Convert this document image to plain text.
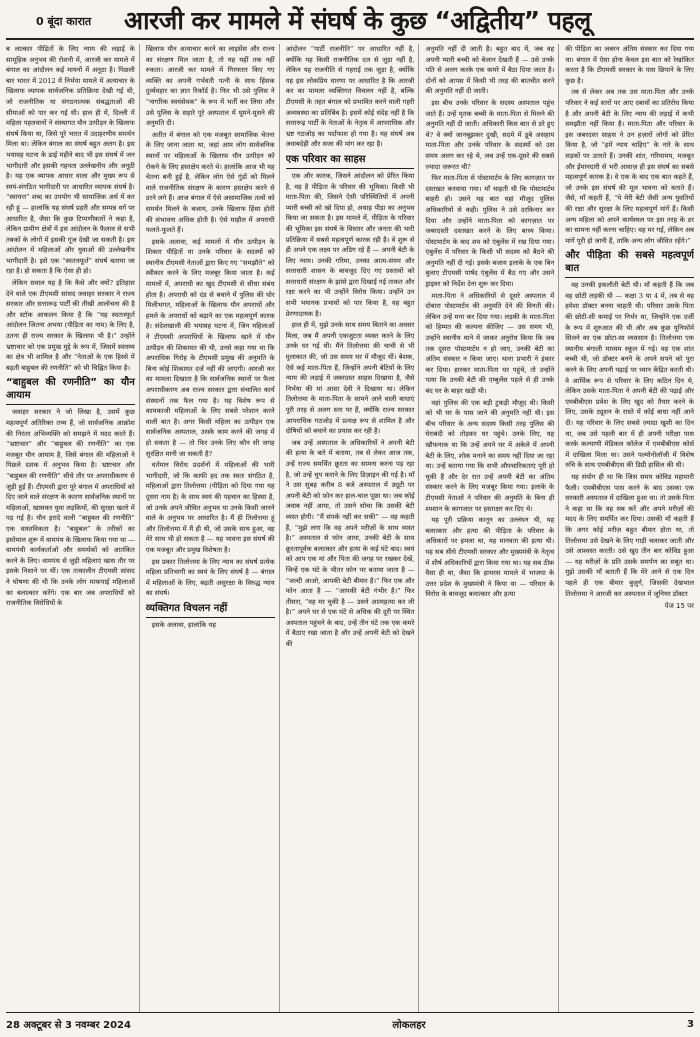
0 बूंदा कारात	आरजी कर मामले में संघर्ष के कुछ “अद्वितीय” पहलू

ब लात्कार पीड़ितों के लिए न्याय की लड़ाई के सामूहिक अनुभव की रोशनी में, आरजी कर मामले में बंगाल का आंदोलन कई मायनों में अनूठा है। पिछली बार भारत में 2012 में निर्भया मामले में अत्याचार के खिलाफ व्यापक सार्वजनिक प्रतिक्रिया देखी गई थी, जो राजनीतिक या संगठनात्मक संबद्धताओं की सीमाओं को पार कर गई थी। हाल ही में, दिल्ली में महिला पहलवानों ने संस्थागत यौन उत्पीड़न के खिलाफ संघर्ष किया था, जिसे पूरे भारत में उदाहरणीय समर्थन मिला था। लेकिन बंगाल का संघर्ष बहुत अलग है। इस भयावह घटना के ढाई महीने बाद भी इस संघर्ष में जन भागीदारी और इसकी गहनता उल्लेखनीय और अनूठी है। यह एक व्यापक आधार वाला और मुख्य रूप से स्वयं-संगठित भागीदारी पर आधारित व्यापक संघर्ष है। “स्वायत्त” शब्द का उपयोग भी सामाजिक अर्थ में कर रही हूं — हालांकि यह संघर्ष प्रहरी और सम्पन्न वर्ग पर आधारित है, जैसा कि कुछ टिप्पणीकारों ने कहा है, लेकिन ग्रामीण क्षेत्रों में इस आंदोलन के फैलाव से सभी तबकों के लोगों में इसकी गूंज देखी जा सकती है। इस आंदोलन में महिलाओं और युवाओं की उल्लेखनीय भागीदारी है। इसे एक “स्वतःस्फूर्त” संघर्ष बताया जा रहा है। हो सकता है कि ऐसा ही हो।

लेकिन सवाल यह है कि कैसे और क्यों? इतिहास देने वाले एक टीएमसी सांसद जवाहर सरकार ने राज्य सरकार और सत्तारूढ़ पार्टी की तीखी आलोचना की है और स्टॉक आकलन किया है कि “यह स्वतःस्फूर्त आंदोलन जितना अभया (पीड़िता का नाम) के लिए है, उतना ही राज्य सरकार के खिलाफ भी है।” उन्होंने भ्रष्टाचार को एक प्रमुख मुद्दे के रूप में, जिसमें स्वास्थ्य का क्षेत्र भी शामिल है और “नेताओं के एक हिस्से में बढ़ती बाहुबल की रणनीति” को भी चिह्नित किया है।

“बाहुबल की रणनीति” का यौन आयाम

जवाहर सरकार ने जो लिखा है, उसमें कुछ महत्वपूर्ण अतिरिक्त तथ्य हैं, जो सार्वजनिक आक्रोश की निरंतर अभिव्यक्ति को समझने में मदद करते हैं। “भ्रष्टाचार” और “बाहुबल की रणनीति” का एक मजबूत यौन आयाम है, जिसे बंगाल की महिलाओं ने पिछले दशक में अनुभव किया है। भ्रष्टाचार और “बाहुबल की रणनीति” सीधे तौर पर अपराधीकरण से जुड़ी हुई हैं। टीएमसी द्वारा पूरे बंगाल में अपराधियों को दिए जाने वाले संरक्षण के कारण सार्वजनिक स्थानों पर महिलाओं, खासकर युवा लड़कियों, की सुरक्षा खतरे में पड़ गई है। यौन इरादे वाली “बाहुबल की रणनीति” एक वास्तविकता है। “बाहुबल” के तरीकों का इस्तेमाल शुरू में वामपंथ के खिलाफ किया गया था — वामपंथी कार्यकर्ताओं और समर्थकों को आतंकित करने के लिए। वामपंथ से जुड़ी महिलाएं खास तौर पर इसके निशाने पर थीं। एक तत्कालीन टीएमसी सांसद ने घोषणा की थी कि उनके लोग माकपाई महिलाओं का बलात्कार करेंगे। एक बार जब अपराधियों को राजनीतिक विरोधियों के

खिलाफ यौन अत्याचार करने का लाइसेंस और राज्य का संरक्षण मिल जाता है, तो यह यहीं तक नहीं रुकता। आरजी कर मामले में गिरफ्तार किए गए व्यक्ति का अपनी गर्भवती पत्नी के साथ हिंसक दुर्व्यवहार का ज्ञात रिकॉर्ड है। फिर भी उसे पुलिस ने “नागरिक स्वयंसेवक” के रूप में भर्ती कर लिया और उसे पुलिस के सहारे पूरे अस्पताल में घूमने-घुसने की अनुमति दी।

अतीत में बंगाल को एक मजबूत सामाजिक चेतना के लिए जाना जाता था, जहां आम लोग सार्वजनिक स्थानों पर महिलाओं के खिलाफ यौन उत्पीड़न को रोकने के लिए हस्तक्षेप करते थे। हालांकि आज भी यह चेतना बनी हुई है, लेकिन लोग ऐसे गुंडों को मिलने वाले राजनीतिक संरक्षण के कारण हस्तक्षेप करने से डरने लगे हैं। आज बंगाल में ऐसे असामाजिक तत्वों को समर्थन मिलने के बजाय, उनके खिलाफ हिंसा होती की संभावना अधिक होती है। ऐसे माहौल में अपराधी फलते-फूलते हैं।

इसके अलावा, कई मामलों में यौन उत्पीड़न के शिकार पीड़ितों या उनके परिवार के सदस्यों को स्थानीय टीएमसी नेताओं द्वारा किए गए “समझौते” को स्वीकार करने के लिए मजबूर किया जाता है। कई मामलों में, अपराधी का खुद टीएमसी से सीधा संबंध होता है। अपराधी को दंड से बचाने में पुलिस की घोर मिलीभगत, महिलाओं के खिलाफ यौन अपराधों और हमले के अपराधों को बढ़ाने का एक महत्वपूर्ण कारक है। संदेशखाली की भयावह घटना में, जिन महिलाओं ने टीएमसी अपराधियों के खिलाफ खाने में यौन उत्पीड़न की शिकायत की थी, उनसे कहा गया था कि अपराधिक गिरोह के टीएमसी प्रमुख की अनुमति के बिना कोई शिकायत दर्ज नहीं की जाएगी। आरजी कर का मामला दिखाता है कि सार्वजनिक स्थानों पर फैला अपराधीकरण अब राज्य सरकार द्वारा संचालित कार्य संस्थानों तक फैल गया है। यह विशेष रूप से कामकाजी महिलाओं के लिए सबसे परेशान करने वाली बात है। अगर किसी महिला का उत्पीड़न एक सार्वजनिक अस्पताल, उसके काम करने की जगह में हो सकता है — तो फिर उनके लिए कौन सी जगह सुरक्षित मानी जा सकती है?

वर्तमान विरोध प्रदर्शनों में महिलाओं की भारी भागीदारी, जो कि काफी हद तक स्वतः संगठित है, महिलाओं द्वारा तिलोत्तमा (पीड़िता को दिया गया यह दूसरा नाम है) के साथ स्वयं की पहचान का हिस्सा है, जो उनके अपने जीवित अनुभव या उनके किसी जानने वाले के अनुभव पर आधारित है। मैं ही तिलोत्तमा हूं और तिलोत्तमा में मैं ही थी, जो उसके साथ हुआ, वह मेरे साथ भी हो सकता है — यह भावना इस संघर्ष की एक मजबूत और प्रमुख विशेषता है।

इस प्रकार तिलोत्तमा के लिए न्याय का संघर्ष प्रत्येक महिला प्रतिभागी का स्वयं के लिए संघर्ष है — बंगाल में महिलाओं के लिए, बढ़ती असुरक्षा के विरुद्ध न्याय का संघर्ष।

व्यक्तिगत विचलन नहीं

इसके अलावा, हालांकि यह

आंदोलन “पार्टी राजनीति” पर आधारित नहीं है, क्योंकि यह किसी राजनीतिक दल से जुड़ा नहीं है, लेकिन यह राजनीति से गहराई तक जुड़ा है, क्योंकि यह इस लोकप्रिय धारणा पर आधारित है कि आरजी कर का मामला व्यक्तिगत विचलन नहीं है, बल्कि टीएमसी के तहत बंगाल को प्रभावित करने वाली गहरी अव्यवस्था का प्रतिबिंब है। इसमें कोई संदेह नहीं है कि सत्तारूढ़ पार्टी के नेताओं के नेतृत्व में आपराधिक और भ्रष्ट गठजोड़ का पर्दाफाश हो गया है। यह संघर्ष अब जवाबदेही और सजा की मांग कर रहा है।

एक परिवार का साहस

एक और कारक, जिसने आंदोलन को प्रेरित किया है, वह है पीड़िता के परिवार की भूमिका। किसी भी माता-पिता की, जिसने ऐसी परिस्थितियों में अपनी प्यारी बच्ची को खो दिया हो, अथाह पीड़ा का अनुभव किया जा सकता है। इस मामले में, पीड़िता के परिवार की भूमिका इस संघर्ष के विस्तार और जनता की भारी प्रतिक्रिया में सबसे महत्वपूर्ण कारक रही है। वे शुरू से ही अपने एक लक्ष्य पर अडिग रहे हैं — अपनी बेटी के लिए न्याय। उनकी गरिमा, उनका आत्म-संयम और सत्ताधारी शासन के बावजूद दिए गए प्रस्तावों को सत्ताधारी संरक्षण के झांसे द्वारा दिखाई गई ताकत और रक्षा करने का भी उन्होंने विरोध किया। उन्होंने उन सभी भयानक प्रभावों को पार किया है, वह बहुत प्रेरणादायक है।

हाल ही में, मुझे उनके साथ समय बिताने का अवसर मिला, जब मैं अपनी एकजुटता व्यक्त करने के लिए उनके घर गई थी। मैंने तिलोत्तमा की चाची से भी मुलाकात की, जो उस समय घर में मौजूद थीं। बेशक, ऐसे कई माता-पिता हैं, जिन्होंने अपनी बेटियों के लिए न्याय की लड़ाई में जबरदस्त साहस दिखाया है, जैसे निर्भया की मां आशा देवी ने दिखाया था। लेकिन तिलोत्तमा के माता-पिता के सामने आने वाली बाधाएं पूरी तरह से अलग स्तर पर हैं, क्योंकि राज्य सरकार आपराधिक गठजोड़ में प्रत्यक्ष रूप से शामिल है और दोषियों को बचाने का प्रयास कर रही है।

जब उन्हें अस्पताल के अधिकारियों ने अपनी बेटी की हत्या के बारे में बताया, तब से लेकर आज तक, उन्हें राज्य समर्थित क्रूरता का सामना करना पड़ रहा है, जो उन्हें चुप कराने के लिए डिज़ाइन की गई है। माँ ने उस सुबह करीब 8 बजे अस्पताल में ड्यूटी पर अपनी बेटी को फ़ोन कर हाल-चाल पूछा था। जब कोई जवाब नहीं आया, तो उसने सोचा कि उसकी बेटी व्यस्त होगी। “मैं संपर्क नहीं कर सकी” — वह कहती हैं, “मुझे लगा कि वह अपने मरीज़ों के साथ व्यस्त है।” अस्पताल से फोन आया, उनकी बेटी के साथ क्रूरतापूर्वक बलात्कार और हत्या के कई घंटे बाद। स्वयं को आप एक मां और पिता की जगह पर रखकर देखें, जिन्हें एक घंटे के भीतर फ़ोन पर बताया जाता है — “जल्दी आओ, आपकी बेटी बीमार है।” फिर एक और फोन आता है — “आपकी बेटी गंभीर है।” फिर तीसरा, “वह मर चुकी है — उसने आत्महत्या कर ली है।” अपने घर से एक घंटे से अधिक की दूरी पर स्थित अस्पताल पहुंचने के बाद, उन्हें तीन घंटे तक एक कमरे में बैठाए रखा जाता है और उन्हें अपनी बेटी को देखने की

अनुमति नहीं दी जाती है। बहुत बाद में, जब वह अपनी प्यारी बच्ची को बेजान देखती हैं — उसे उनके पति से अलग करके एक कमरे में बैठा दिया जाता है। दोनों को आपस में किसी भी तरह की बातचीत करने की अनुमति नहीं दी जाती।

इस बीच उनके परिवार के सदस्य अस्पताल पहुंच जाते हैं। उन्हें मृतक बच्ची के माता-पिता से मिलने की अनुमति नहीं दी जाती। अधिकारी किस बात से डरे हुए थे? वे क्यों जानबूझकर दुखी, सदमे में डूबे असहाय माता-पिता और उनके परिवार के सदस्यों को उस समय अलग कर रहे थे, जब उन्हें एक-दूसरे की सबसे ज्यादा जरूरत थी?

फिर माता-पिता से पोस्टमार्टम के लिए कागज़ात पर दस्तखत करवाया गया। माँ चाहती थी कि पोस्टमार्टम बाहरी हो। उसने यह बात वहां मौजूद पुलिस अधिकारियों से कही। पुलिस ने उसे दरकिनार कर दिया और उन्होंने माता-पिता को कागज़ात पर जबरदस्ती दस्तखत करने के लिए बाध्य किया। पोस्टमार्टम के बाद शव को एंबुलेंस में रख दिया गया। एंबुलेंस में परिवार के किसी भी सदस्य को बैठने की अनुमति नहीं दी गई। इसके बजाय इलाके के एक बिन बुलाए टीएमसी पार्षद एंबुलेंस में बैठ गए और उसने ड्राइवर को निर्देश देना शुरू कर दिया।

माता-पिता ने अधिकारियों से दूसरे अस्पताल में दोबारा पोस्टमार्टम की अनुमति देने की विनती की। लेकिन उन्हें मना कर दिया गया। लड़की के माता-पिता को हिम्मत की कल्पना कीजिए — उस समय भी, उन्होंने स्थानीय थाने में जाकर अनुरोध किया कि जब तक दूसरा पोस्टमार्टम न हो जाए, उनकी बेटी का अंतिम संस्कार न किया जाए। थाना प्रभारी ने इंकार कर दिया। हारकर माता-पिता घर पहुंचे, तो उन्होंने पाया कि उनकी बेटी की एम्बुलेंस पहले से ही उनके बंद घर के बाहर खड़ी थी।

वहां पुलिस की एक बड़ी टुकड़ी मौजूद थी। किसी को भी घर के पास जाने की अनुमति नहीं थी। इस बीच परिवार के अन्य सदस्य किसी तरह पुलिस की घेराबंदी को तोड़कर घर पहुंचे। उनके लिए, यह खौफनाक था कि उन्हें अपने घर में अकेले में अपनी बेटी के लिए, शोक मनाने का समय नहीं दिया जा रहा था। उन्हें बताया गया कि सभी औपचारिकताएं पूरी हो चुकी हैं और देर रात उन्हें अपनी बेटी का अंतिम संस्कार करने के लिए मजबूर किया गया। इलाके के टीएमसी नेताओं ने परिवार की अनुमति के बिना ही श्मशान के कागजात पर हस्ताक्षर कर दिए थे।

यह पूरी प्रक्रिया कानून का उल्लंघन थी, यह बलात्कार और हत्या की पीड़िता के परिवार के अधिकारों पर हमला था, यह मानवता की हत्या थी। यह सब सीधे टीएमसी सरकार और मुख्यमंत्री के नेतृत्व में शीर्ष अधिकारियों द्वारा किया गया था। यह सब ठीक वैसा ही था, जैसा कि हाथरस मामले में भाजपा के उत्तर प्रदेश के मुख्यमंत्री ने किया था — परिवार के विरोध के बावजूद बलात्कार और हत्या

की पीड़िता का जबरन अंतिम संस्कार कर दिया गया था। बंगाल में ऐसा होना केवल इस बात को रेखांकित करता है कि टीएमसी सरकार के पास छिपाने के लिए कुछ है।

तब से लेकर अब तक उस माता-पिता और उनके परिवार ने कई स्तरों पर आए दबावों का प्रतिरोध किया है और अपनी बेटी के लिए न्याय की लड़ाई में कभी समझौता नहीं किया है। माता-पिता और परिवार के इस जबरदस्त साहस ने उन हज़ारों लोगों को प्रेरित किया है, जो “हमें न्याय चाहिए” के नारे के साथ सड़कों पर उतरते हैं। उनकी शांत, गरिमामय, मजबूत और ईमानदारी से भरी आवाज़ ही इस संघर्ष का सबसे महत्वपूर्ण कारक है। वे एक के बाद एक बात कहते हैं, जो उनके इस संघर्ष की मूल भावना को बताते हैं। जैसे, माँ कहती हैं, “ये मेरी बेटी जैसी अन्य युवतियों की रक्षा और सुरक्षा के लिए महत्वपूर्ण मांगें हैं। किसी अन्य महिला को अपने कार्यस्थल पर इस तरह के डर का सामना नहीं करना चाहिए। वह मर गई, लेकिन अब मांगें पूरी हो जानी हैं, ताकि अन्य लोग जीवित रहेंगे।”

और पीड़िता की सबसे महत्वपूर्ण बात

वह उनकी इकलौती बेटी थी। माँ कहती हैं कि जब वह छोटी लड़की थी — कक्षा 3 या 4 में, तब से वह हमेशा डॉक्टर बनना चाहती थी। परिवार उसके पिता की छोटी-सी कमाई पर निर्भर था, जिन्होंने एक दर्जी के रूप में शुरुआत की थी और अब कुछ यूनिफॉर्म सिलने का एक छोटा-सा व्यवसाय है। तिलोत्तमा एक स्थानीय बंगाली माध्यम स्कूल में गई। वह एक शांत बच्ची थी, जो डॉक्टर बनने के अपने सपने को पूरा करने के लिए अपनी पढ़ाई पर ध्यान केंद्रित करती थी। वे आर्थिक रूप से परिवार के लिए कठिन दिन थे, लेकिन उसके माता-पिता ने अपनी बेटी की पढ़ाई और एमबीबीएस प्रवेश के लिए खुद को तैयार करने के लिए, उसके ट्यूशन के रास्ते में कोई बाधा नहीं आने दी। यह परिवार के लिए सबसे ज़्यादा खुशी का दिन था, जब उसे पहली बार में ही अपनी परीक्षा पास करके कल्याणी मेडिकल कॉलेज में एमबीबीएस कोर्स में दाखिला मिला था। उसने पल्मोनोलॉजी में विशेष रुचि के साथ एमबीबीएस की डिग्री हासिल की थी।

यह संयोग ही था कि जिस समय कोविड महामारी फैली। एमबीबीएस पास करने के बाद उसका एक सरकारी अस्पताल में दाखिला हुआ था। तो उसके पिता ने कहा था कि वह सब करें और अपने मरीज़ों की मदद के लिए समर्पित कर दिया। उसकी माँ कहती हैं कि अगर कोई मरीज़ बहुत बीमार होता था, तो तिलोत्तमा उसे देखने के लिए गाड़ी चलाकर जाती और उसे आश्वस्त करती। उसे खुद तीन बार कोविड हुआ — यह मरीज़ों के प्रति उसके समर्पण का सबूत था। मुझे उसकी माँ बताती हैं कि मेरे आने से एक दिन पहले ही एक बीमार बुज़ुर्ग, जिसकी देखभाल तिलोत्तमा ने आरजी कर अस्पताल में जूनियर डॉक्टर

पेज 15 पर
28 अक्टूबर से 3 नवम्बर 2024	लोकलहर	3
